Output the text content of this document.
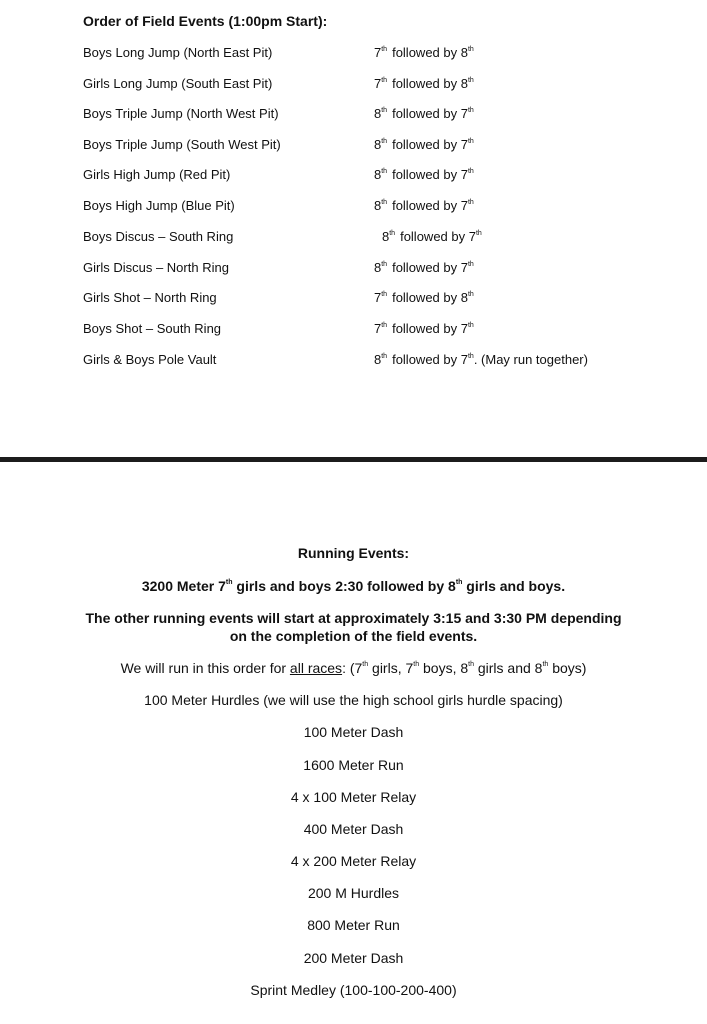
Order of Field Events (1:00pm Start):
Boys Long Jump (North East Pit)	7th followed by 8th
Girls Long Jump (South East Pit)	7th followed by 8th
Boys Triple Jump (North West Pit)	8th followed by 7th
Boys Triple Jump (South West Pit)	8th followed by 7th
Girls High Jump (Red Pit)	8th followed by 7th
Boys High Jump (Blue Pit)	8th followed by 7th
Boys Discus – South Ring	8th followed by 7th
Girls Discus – North Ring	8th followed by 7th
Girls Shot – North Ring	7th followed by 8th
Boys Shot – South Ring	7th followed by 7th
Girls & Boys Pole Vault	8th followed by 7th. (May run together)
Running Events:
3200 Meter 7th girls and boys 2:30 followed by 8th girls and boys.
The other running events will start at approximately 3:15 and 3:30 PM depending
on the completion of the field events.
We will run in this order for all races: (7th girls, 7th boys, 8th girls and 8th boys)
100 Meter Hurdles (we will use the high school girls hurdle spacing)
100 Meter Dash
1600 Meter Run
4 x 100 Meter Relay
400 Meter Dash
4 x 200 Meter Relay
200 M Hurdles
800 Meter Run
200 Meter Dash
Sprint Medley (100-100-200-400)
